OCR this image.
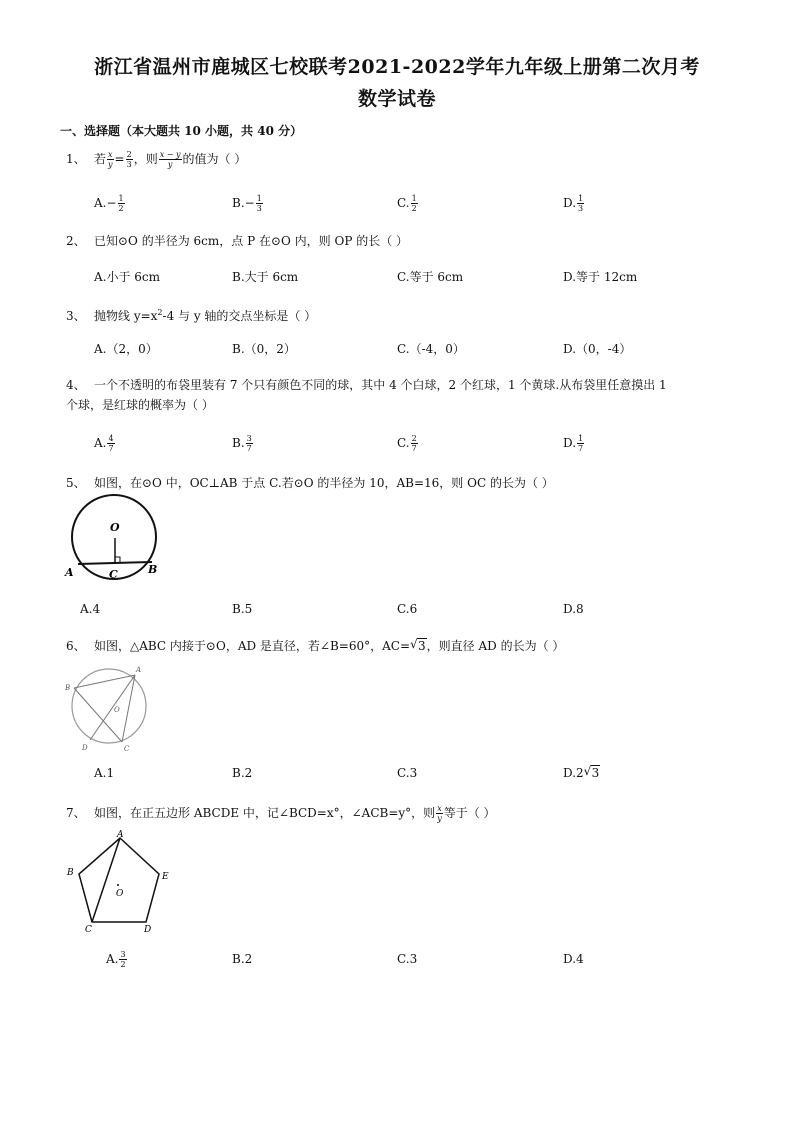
浙江省温州市鹿城区七校联考2021-2022学年九年级上册第二次月考
数学试卷
一、选择题（本大题共 10 小题，共 40 分）
1、 若 $\frac{x}{y} = \frac{2}{3}$ ，则 $\frac{x - y}{y}$ 的值为（ ）
$A.- \frac{1}{2}$	$B.- \frac{1}{3}$	C. $\frac{1}{2}$	D. $\frac{1}{3}$
2、 已知⊙O 的半径为 6cm，点 P 在⊙O 内，则 OP 的长（ ）
A.小于 6cm	B.大于 6cm	C.等于 6cm	D.等于 12cm
3、 抛物线 $y=x^2-4$ 与 y 轴的交点坐标是（ ）
A.（2，0）	B.（0，2）	C.（-4，0）	D.（0，-4）
4、 一个不透明的布袋里装有 7 个只有颜色不同的球，其中 4 个白球，2 个红球，1 个黄球.从布袋里任意摸出 1
个球，是红球的概率为（ ）
A. $\frac{4}{7}$	B. $\frac{3}{7}$	C. $\frac{2}{7}$	D. $\frac{1}{7}$
5、 如图，在⊙O 中，OC⊥AB 于点 C.若⊙O 的半径为 10，AB=16，则 OC 的长为（ ）
O
A	C	B
A.4	B.5	C.6	D.8
6、 如图，△ABC 内接于⊙O，AD 是直径，若∠B=60°，AC= √ 3，则直径 AD 的长为（ ）
A
B
O
D	C
A.1	B.2	C.3	D.2 √ 3
7、 如图，在正五边形 ABCDE 中，记∠BCD=x°，∠ACB=y°，则 $\frac{x}{y}$ 等于（ ）
A
B	E
O
C	D
A. $\frac{3}{2}$	B.2	C.3	D.4
